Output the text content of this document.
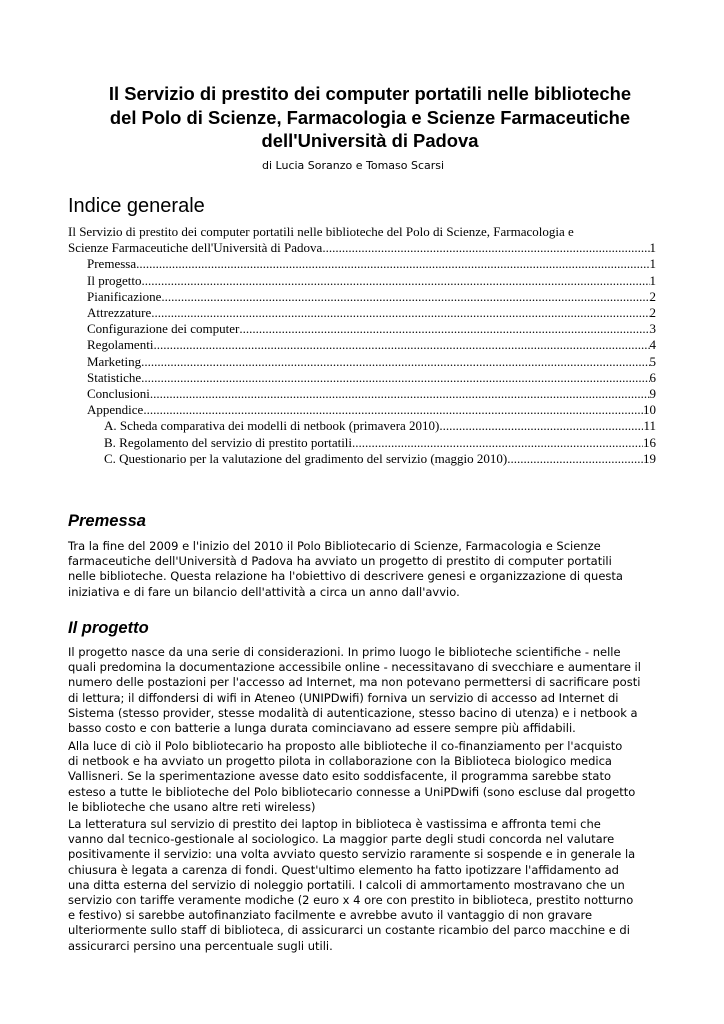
Il Servizio di prestito dei computer portatili nelle biblioteche
del Polo di Scienze, Farmacologia e Scienze Farmaceutiche
dell'Università di Padova

di Lucia Soranzo e Tomaso Scarsi

Indice generale
Il Servizio di prestito dei computer portatili nelle biblioteche del Polo di Scienze, Farmacologia e
Scienze Farmaceutiche dell'Università di Padova .....	1
Premessa .....	1
Il progetto .....	1
Pianificazione .....	2
Attrezzature .....	2
Configurazione dei computer .....	3
Regolamenti .....	4
Marketing .....	5
Statistiche .....	6
Conclusioni .....	9
Appendice .....	10
A. Scheda comparativa dei modelli di netbook (primavera 2010) .....	11
B. Regolamento del servizio di prestito portatili .....	16
C. Questionario per la valutazione del gradimento del servizio (maggio 2010) .....	19
Premessa
Tra la fine del 2009 e l'inizio del 2010 il Polo Bibliotecario di Scienze, Farmacologia e Scienze
farmaceutiche dell'Università d Padova ha avviato un progetto di prestito di computer portatili
nelle biblioteche. Questa relazione ha l'obiettivo di descrivere genesi e organizzazione di questa
iniziativa e di fare un bilancio dell'attività a circa un anno dall'avvio.
Il progetto
Il progetto nasce da una serie di considerazioni. In primo luogo le biblioteche scientifiche - nelle
quali predomina la documentazione accessibile online - necessitavano di svecchiare e aumentare il
numero delle postazioni per l'accesso ad Internet, ma non potevano permettersi di sacrificare posti
di lettura; il diffondersi di wifi in Ateneo (UNIPDwifi) forniva un servizio di accesso ad Internet di
Sistema (stesso provider, stesse modalità di autenticazione, stesso bacino di utenza) e i netbook a
basso costo e con batterie a lunga durata cominciavano ad essere sempre più affidabili.
Alla luce di ciò il Polo bibliotecario ha proposto alle biblioteche il co-finanziamento per l'acquisto
di netbook e ha avviato un progetto pilota in collaborazione con la Biblioteca biologico medica
Vallisneri. Se la sperimentazione avesse dato esito soddisfacente, il programma sarebbe stato
esteso a tutte le biblioteche del Polo bibliotecario connesse a UniPDwifi (sono escluse dal progetto
le biblioteche che usano altre reti wireless)
La letteratura sul servizio di prestito dei laptop in biblioteca è vastissima e affronta temi che
vanno dal tecnico-gestionale al sociologico. La maggior parte degli studi concorda nel valutare
positivamente il servizio: una volta avviato questo servizio raramente si sospende e in generale la
chiusura è legata a carenza di fondi. Quest'ultimo elemento ha fatto ipotizzare l'affidamento ad
una ditta esterna del servizio di noleggio portatili. I calcoli di ammortamento mostravano che un
servizio con tariffe veramente modiche (2 euro x 4 ore con prestito in biblioteca, prestito notturno
e festivo) si sarebbe autofinanziato facilmente e avrebbe avuto il vantaggio di non gravare
ulteriormente sullo staff di biblioteca, di assicurarci un costante ricambio del parco macchine e di
assicurarci persino una percentuale sugli utili.
